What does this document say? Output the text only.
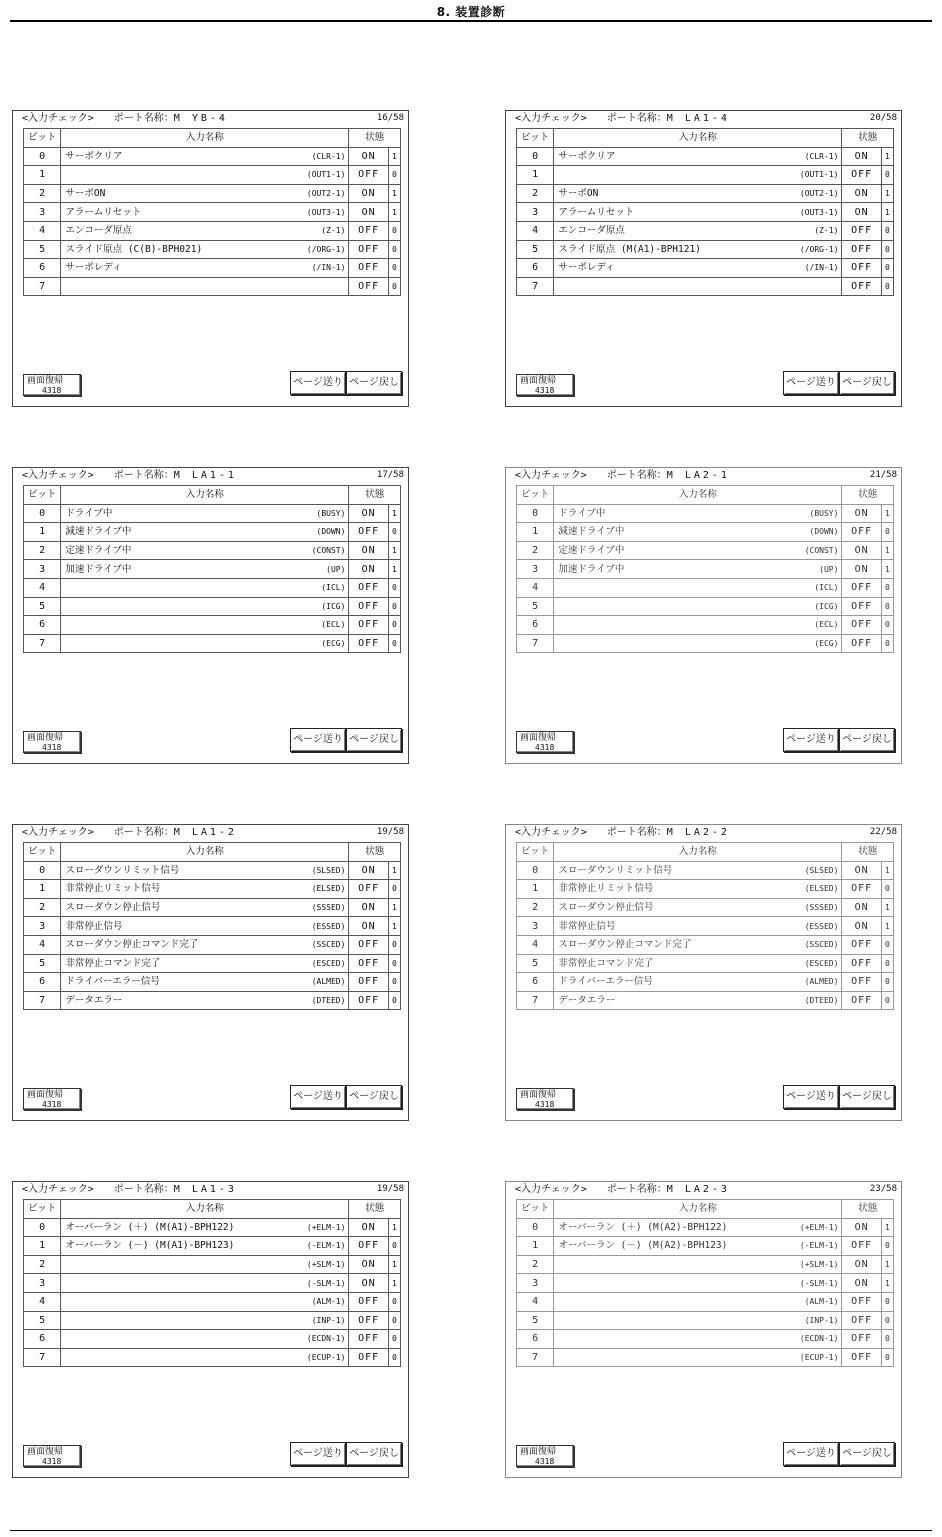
8. 装置診断
<入力チェック> ポート名称：M YB-4	16/58
ビット	入力名称		状態	
0	サーボクリア	(CLR-1)	ON	1
1		(OUT1-1)	OFF	0
2	サーボON	(OUT2-1)	ON	1
3	アラームリセット	(OUT3-1)	ON	1
4	エンコーダ原点	(Z-1)	OFF	0
5	スライド原点 (C(B)-BPH021)	(/ORG-1)	OFF	0
6	サーボレディ	(/IN-1)	OFF	0
7			OFF	0
画面復帰
4318
ページ送り ページ戻し
<入力チェック> ポート名称：M LA1-4	20/58
ビット	入力名称		状態	
0	サーボクリア	(CLR-1)	ON	1
1		(OUT1-1)	OFF	0
2	サーボON	(OUT2-1)	ON	1
3	アラームリセット	(OUT3-1)	ON	1
4	エンコーダ原点	(Z-1)	OFF	0
5	スライド原点 (M(A1)-BPH121)	(/ORG-1)	OFF	0
6	サーボレディ	(/IN-1)	OFF	0
7			OFF	0
画面復帰
4318
ページ送り ページ戻し
<入力チェック> ポート名称：M LA1-1	17/58
ビット	入力名称		状態	
0	ドライブ中	(BUSY)	ON	1
1	減速ドライブ中	(DOWN)	OFF	0
2	定速ドライブ中	(CONST)	ON	1
3	加速ドライブ中	(UP)	ON	1
4		(ICL)	OFF	0
5		(ICG)	OFF	0
6		(ECL)	OFF	0
7		(ECG)	OFF	0
画面復帰
4318
ページ送り ページ戻し
<入力チェック> ポート名称：M LA2-1	21/58
ビット	入力名称		状態	
0	ドライブ中	(BUSY)	ON	1
1	減速ドライブ中	(DOWN)	OFF	0
2	定速ドライブ中	(CONST)	ON	1
3	加速ドライブ中	(UP)	ON	1
4		(ICL)	OFF	0
5		(ICG)	OFF	0
6		(ECL)	OFF	0
7		(ECG)	OFF	0
画面復帰
4318
ページ送り ページ戻し
<入力チェック> ポート名称：M LA1-2	19/58
ビット	入力名称		状態	
0	スローダウンリミット信号	(SLSED)	ON	1
1	非常停止リミット信号	(ELSED)	OFF	0
2	スローダウン停止信号	(SSSED)	ON	1
3	非常停止信号	(ESSED)	ON	1
4	スローダウン停止コマンド完了	(SSCED)	OFF	0
5	非常停止コマンド完了	(ESCED)	OFF	0
6	ドライバーエラー信号	(ALMED)	OFF	0
7	データエラー	(DTEED)	OFF	0
画面復帰
4318
ページ送り ページ戻し
<入力チェック> ポート名称：M LA2-2	22/58
ビット	入力名称		状態	
0	スローダウンリミット信号	(SLSED)	ON	1
1	非常停止リミット信号	(ELSED)	OFF	0
2	スローダウン停止信号	(SSSED)	ON	1
3	非常停止信号	(ESSED)	ON	1
4	スローダウン停止コマンド完了	(SSCED)	OFF	0
5	非常停止コマンド完了	(ESCED)	OFF	0
6	ドライバーエラー信号	(ALMED)	OFF	0
7	データエラー	(DTEED)	OFF	0
画面復帰
4318
ページ送り ページ戻し
<入力チェック> ポート名称：M LA1-3	19/58
ビット	入力名称		状態	
0	オーバーラン (＋) (M(A1)-BPH122)	(+ELM-1)	ON	1
1	オーバーラン (－) (M(A1)-BPH123)	(-ELM-1)	OFF	0
2		(+SLM-1)	ON	1
3		(-SLM-1)	ON	1
4		(ALM-1)	OFF	0
5		(INP-1)	OFF	0
6		(ECDN-1)	OFF	0
7		(ECUP-1)	OFF	0
画面復帰
4318
ページ送り ページ戻し
<入力チェック> ポート名称：M LA2-3	23/58
ビット	入力名称		状態	
0	オーバーラン (＋) (M(A2)-BPH122)	(+ELM-1)	ON	1
1	オーバーラン (－) (M(A2)-BPH123)	(-ELM-1)	OFF	0
2		(+SLM-1)	ON	1
3		(-SLM-1)	ON	1
4		(ALM-1)	OFF	0
5		(INP-1)	OFF	0
6		(ECDN-1)	OFF	0
7		(ECUP-1)	OFF	0
画面復帰
4318
ページ送り ページ戻し
